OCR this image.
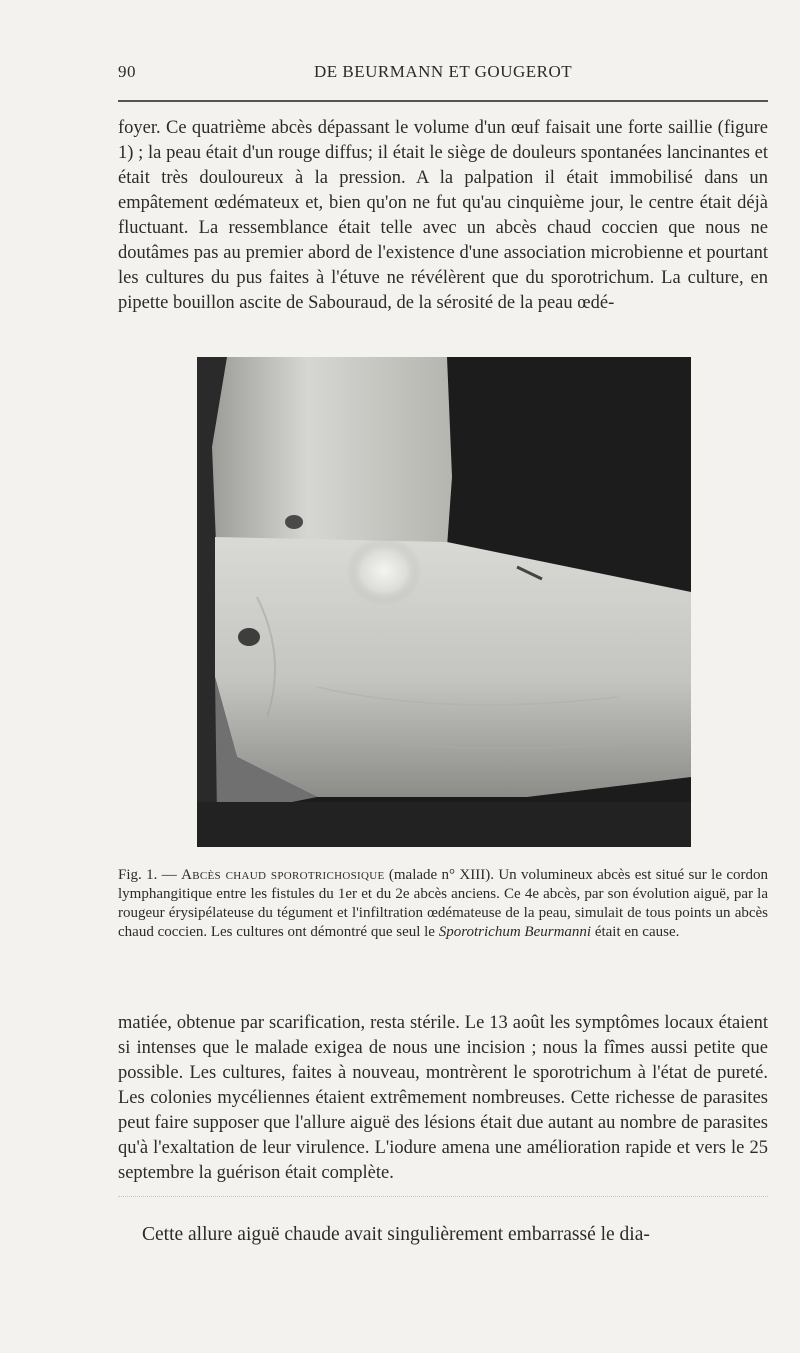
90	DE BEURMANN ET GOUGEROT

foyer. Ce quatrième abcès dépassant le volume d'un œuf faisait une forte saillie (figure 1) ; la peau était d'un rouge diffus; il était le siège de douleurs spontanées lancinantes et était très douloureux à la pression. A la palpation il était immobilisé dans un empâtement œdémateux et, bien qu'on ne fut qu'au cinquième jour, le centre était déjà fluctuant. La ressemblance était telle avec un abcès chaud coccien que nous ne doutâmes pas au premier abord de l'existence d'une association microbienne et pourtant les cultures du pus faites à l'étuve ne révélèrent que du sporotrichum. La culture, en pipette bouillon ascite de Sabouraud, de la sérosité de la peau œdé-

Fig. 1. — Abcès chaud sporotrichosique (malade n° XIII). Un volumineux abcès est situé sur le cordon lymphangitique entre les fistules du 1er et du 2e abcès anciens. Ce 4e abcès, par son évolution aiguë, par la rougeur érysipélateuse du tégument et l'infiltration œdémateuse de la peau, simulait de tous points un abcès chaud coccien. Les cultures ont démontré que seul le Sporotrichum Beurmanni était en cause.

matiée, obtenue par scarification, resta stérile. Le 13 août les symptômes locaux étaient si intenses que le malade exigea de nous une incision ; nous la fîmes aussi petite que possible. Les cultures, faites à nouveau, montrèrent le sporotrichum à l'état de pureté. Les colonies mycéliennes étaient extrêmement nombreuses. Cette richesse de parasites peut faire supposer que l'allure aiguë des lésions était due autant au nombre de parasites qu'à l'exaltation de leur virulence. L'iodure amena une amélioration rapide et vers le 25 septembre la guérison était complète.

Cette allure aiguë chaude avait singulièrement embarrassé le dia-
